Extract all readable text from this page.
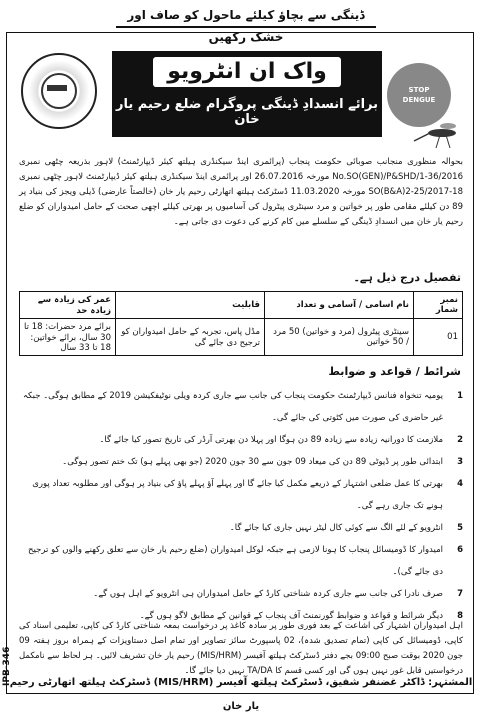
ڈینگی سے بچاؤ کیلئے ماحول کو صاف اور خشک رکھیں
واک ان انٹرویو
برائے انسدادِ ڈینگی پروگرام ضلع رحیم یار خان
STOP
DENGUE
بحوالہ منظوری منجانب صوبائی حکومت پنجاب (پرائمری اینڈ سیکنڈری ہیلتھ کیئر ڈیپارٹمنٹ) لاہور بذریعہ چٹھی نمبری No.SO(GEN)/P&SHD/1-36/2016 مورخہ 26.07.2016 اور پرائمری اینڈ سیکنڈری ہیلتھ کیئر ڈیپارٹمنٹ لاہور چٹھی نمبری SO(B&A)2-25/2017-18 مورخہ 11.03.2020 ڈسٹرکٹ ہیلتھ اتھارٹی رحیم یار خان (خالصتاً عارضی) ڈیلی ویجز کی بنیاد پر 89 دن کیلئے مقامی طور پر خواتین و مرد سینٹری پیٹرول کی آسامیوں پر بھرتی کیلئے اچھی صحت کے حامل امیدواران کو ضلع رحیم یار خان میں انسدادِ ڈینگی کے سلسلے میں کام کرنے کی دعوت دی جاتی ہے۔
تفصیل درج ذیل ہے۔
نمبر شمار	نام اسامی / آسامی و تعداد	قابلیت	عمر کی زیادہ سے زیادہ حد
01	سینٹری پیٹرول (مرد و خواتین) 50 مرد / 50 خواتین	مڈل پاس، تجربہ کے حامل امیدواران کو ترجیح دی جائے گی	برائے مرد حضرات: 18 تا 30 سال، برائے خواتین: 18 تا 33 سال
شرائط / قواعد و ضوابط
1
یومیہ تنخواہ فنانس ڈیپارٹمنٹ حکومت پنجاب کی جانب سے جاری کردہ ویلی نوٹیفکیشن 2019 کے مطابق ہوگی۔ جبکہ غیر حاضری کی صورت میں کٹوتی کی جائے گی۔
2
ملازمت کا دورانیہ زیادہ سے زیادہ 89 دن ہوگا اور پہلا دن بھرتی آرڈر کی تاریخ تصور کیا جائے گا۔
3
ابتدائی طور پر ڈیوٹی 89 دن کی میعاد 09 جون سے 30 جون 2020 (جو بھی پہلے ہو) تک ختم تصور ہوگی۔
4
بھرتی کا عمل ضلعی اشتہار کے ذریعے مکمل کیا جائے گا اور پہلے آؤ پہلے پاؤ کی بنیاد پر ہوگی اور مطلوبہ تعداد پوری ہونے تک جاری رہے گی۔
5
انٹرویو کے لئے الگ سے کوئی کال لیٹر نہیں جاری کیا جائے گا۔
6
امیدوار کا ڈومیسائل پنجاب کا ہونا لازمی ہے جبکہ لوکل امیدواران (ضلع رحیم یار خان سے تعلق رکھنے والوں کو ترجیح دی جائے گی)۔
7
صرف نادرا کی جانب سے جاری کردہ شناختی کارڈ کے حامل امیدواران ہی انٹرویو کے اہل ہوں گے۔
8
دیگر شرائط و قواعد و ضوابط گورنمنٹ آف پنجاب کے قوانین کے مطابق لاگو ہوں گے۔
اہل امیدواران اشتہار کی اشاعت کے بعد فوری طور پر سادہ کاغذ پر درخواست بمعہ شناختی کارڈ کی کاپی، تعلیمی اسناد کی کاپی، ڈومیسائل کی کاپی (تمام تصدیق شدہ)، 02 پاسپورٹ سائز تصاویر اور تمام اصل دستاویزات کے ہمراہ بروز ہفتہ 09 جون 2020 بوقت صبح 09:00 بجے دفتر ڈسٹرکٹ ہیلتھ آفیسر (MIS/HRM) رحیم یار خان تشریف لائیں۔ ہر لحاظ سے نامکمل درخواستیں قابل غور نہیں ہوں گی اور کسی قسم کا TA/DA نہیں دیا جائے گا۔
المشتہر: ڈاکٹر غضنفر شفیق، ڈسٹرکٹ ہیلتھ آفیسر (MIS/HRM) ڈسٹرکٹ ہیلتھ اتھارٹی رحیم یار خان
IPB-346
